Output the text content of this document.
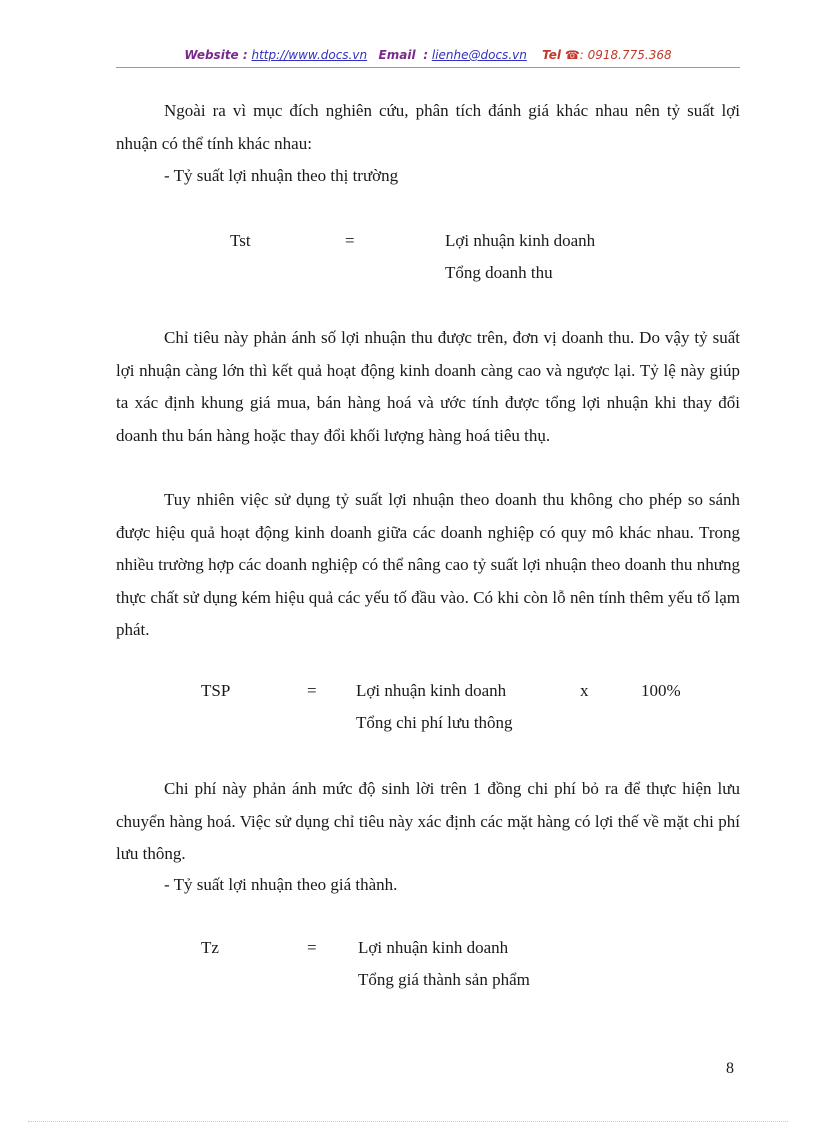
Website : http://www.docs.vn Email : lienhe@docs.vn Tel ☎: 0918.775.368

Ngoài ra vì mục đích nghiên cứu, phân tích đánh giá khác nhau nên tỷ suất lợi nhuận có thể tính khác nhau:

- Tỷ suất lợi nhuận theo thị trường
Tst	=	Lợi nhuận kinh doanh
Tổng doanh thu

Chỉ tiêu này phản ánh số lợi nhuận thu được trên, đơn vị doanh thu. Do vậy tỷ suất lợi nhuận càng lớn thì kết quả hoạt động kinh doanh càng cao và ngược lại. Tỷ lệ này giúp ta xác định khung giá mua, bán hàng hoá và ước tính được tổng lợi nhuận khi thay đổi doanh thu bán hàng hoặc thay đổi khối lượng hàng hoá tiêu thụ.

Tuy nhiên việc sử dụng tỷ suất lợi nhuận theo doanh thu không cho phép so sánh được hiệu quả hoạt động kinh doanh giữa các doanh nghiệp có quy mô khác nhau. Trong nhiều trường hợp các doanh nghiệp có thể nâng cao tỷ suất lợi nhuận theo doanh thu nhưng thực chất sử dụng kém hiệu quả các yếu tố đầu vào. Có khi còn lỗ nên tính thêm yếu tố lạm phát.

TSP	= Lợi nhuận kinh doanh	x	100%
Tổng chi phí lưu thông

Chi phí này phản ánh mức độ sinh lời trên 1 đồng chi phí bỏ ra để thực hiện lưu chuyển hàng hoá. Việc sử dụng chỉ tiêu này xác định các mặt hàng có lợi thế về mặt chi phí lưu thông.

- Tỷ suất lợi nhuận theo giá thành.
Tz	= Lợi nhuận kinh doanh
Tổng giá thành sản phẩm
8
